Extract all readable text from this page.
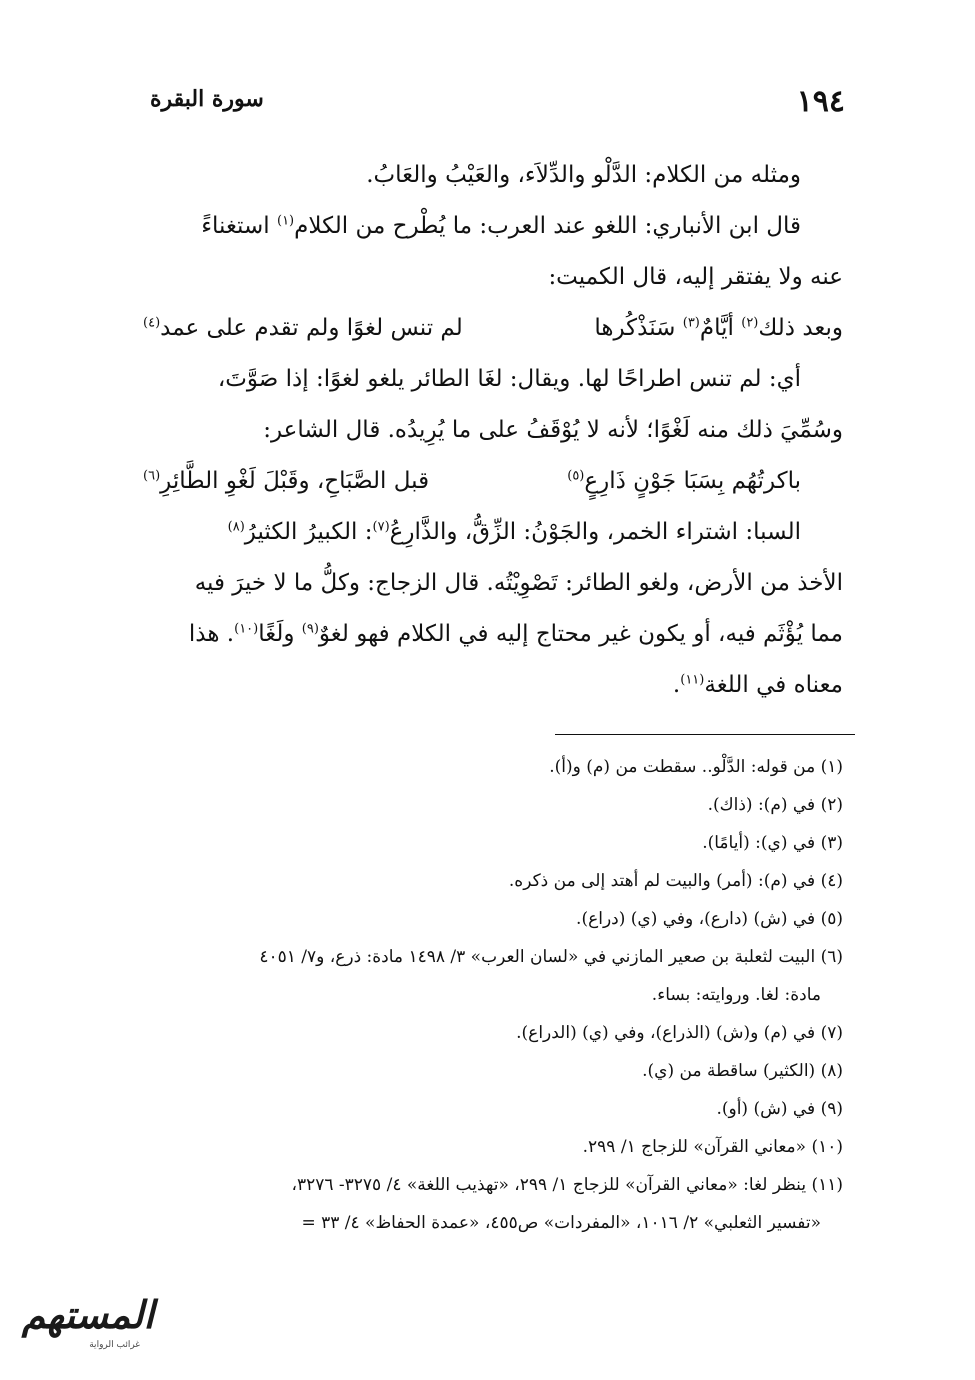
١٩٤
سورة البقرة
ومثله من الكلام: الدَّلْو والدِّلاَء، والعَيْبُ والعَابُ.
قال ابن الأنباري: اللغو عند العرب: ما يُطْرح من الكلام$^{(١)}$ استغناءً
عنه ولا يفتقر إليه، قال الكميت:
وبعد ذلك$^{(٢)}$ أيَّامٌ$^{(٣)}$ سَنَذْكُرها
لم تنس لغوًا ولم تقدم على عمد$^{(٤)}$
أي: لم تنس اطراحًا لها. ويقال: لغَا الطائر يلغو لغوًا: إذا صَوَّتَ،
وسُمِّيَ ذلك منه لَغْوًا؛ لأنه لا يُوْقَفُ على ما يُرِيدُه. قال الشاعر:
باكرتُهُم بِسَبَا جَوْنٍ ذَارِعٍ$^{(٥)}$
قبل الصَّبَاحِ، وقَبْلَ لَغْوِ الطَّائِرِ$^{(٦)}$
السبا: اشتراء الخمر، والجَوْنُ: الزِّقُّ، والذَّارِعُ$^{(٧)}$: الكبيرُ الكثيرُ$^{(٨)}$
الأخذ من الأرض، ولغو الطائر: تَصْوِيْتُه. قال الزجاج: وكلُّ ما لا خيرَ فيه
مما يُؤْثَم فيه، أو يكون غير محتاج إليه في الكلام فهو لغوٌ$^{(٩)}$ ولَغًا$^{(١٠)}$. هذا
معناه في اللغة$^{(١١)}$.
(١) من قوله: الدَّلْو.. سقطت من (م) و(أ).
(٢) في (م): (ذاك).
(٣) في (ي): (أيامًا).
(٤) في (م): (أمر) والبيت لم أهتد إلى من ذكره.
(٥) في (ش) (دارع)، وفي (ي) (دراع).
(٦) البيت لثعلبة بن صعير المازني في «لسان العرب» ٣/ ١٤٩٨ مادة: ذرع، و٧/ ٤٠٥١
مادة: لغا. وروايته: بساء.
(٧) في (م) و(ش) (الذراع)، وفي (ي) (الدراع).
(٨) (الكثير) ساقطة من (ي).
(٩) في (ش) (أو).
(١٠) «معاني القرآن» للزجاج ١/ ٢٩٩.
(١١) ينظر لغا: «معاني القرآن» للزجاج ١/ ٢٩٩، «تهذيب اللغة» ٤/ ٣٢٧٥- ٣٢٧٦،
«تفسير الثعلبي» ٢/ ١٠١٦، «المفردات» ص٤٥٥، «عمدة الحفاظ» ٤/ ٣٣ =
المستهم
غرائب الرواية
